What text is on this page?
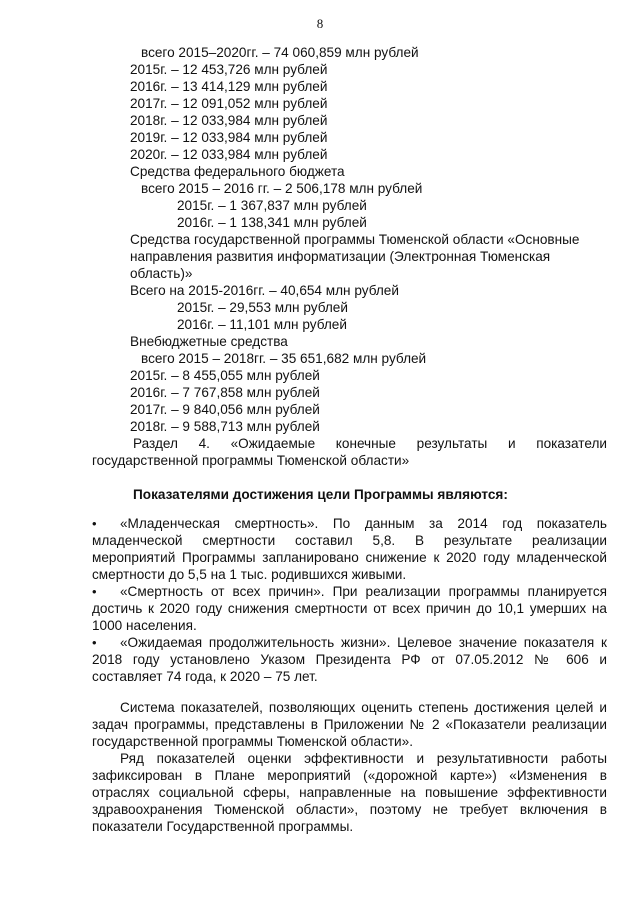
8
всего 2015–2020гг. – 74 060,859 млн рублей
2015г. – 12 453,726 млн рублей
2016г. – 13 414,129 млн рублей
2017г. – 12 091,052 млн рублей
2018г. – 12 033,984 млн рублей
2019г. – 12 033,984 млн рублей
2020г. – 12 033,984 млн рублей
Средства федерального бюджета
всего 2015 – 2016 гг. – 2 506,178 млн рублей
2015г. – 1 367,837 млн рублей
2016г. – 1 138,341 млн рублей
Средства государственной программы Тюменской области «Основные
направления развития информатизации (Электронная Тюменская
область)»
Всего на 2015-2016гг. – 40,654 млн рублей
2015г. – 29,553 млн рублей
2016г. – 11,101 млн рублей
Внебюджетные средства
всего 2015 – 2018гг. – 35 651,682 млн рублей
2015г. – 8 455,055 млн рублей
2016г. – 7 767,858 млн рублей
2017г. – 9 840,056 млн рублей
2018г. – 9 588,713 млн рублей
Раздел 4. «Ожидаемые конечные результаты и показатели
государственной программы Тюменской области»
Показателями достижения цели Программы являются:
• «Младенческая смертность». По данным за 2014 год показатель
младенческой смертности составил 5,8. В результате реализации
мероприятий Программы запланировано снижение к 2020 году младенческой
смертности до 5,5 на 1 тыс. родившихся живыми.
• «Смертность от всех причин». При реализации программы планируется
достичь к 2020 году снижения смертности от всех причин до 10,1 умерших на
1000 населения.
• «Ожидаемая продолжительность жизни». Целевое значение показателя к
2018 году установлено Указом Президента РФ от 07.05.2012 № 606 и
составляет 74 года, к 2020 – 75 лет.
Система показателей, позволяющих оценить степень достижения целей и
задач программы, представлены в Приложении № 2 «Показатели реализации
государственной программы Тюменской области».
Ряд показателей оценки эффективности и результативности работы
зафиксирован в Плане мероприятий («дорожной карте») «Изменения в
отраслях социальной сферы, направленные на повышение эффективности
здравоохранения Тюменской области», поэтому не требует включения в
показатели Государственной программы.
